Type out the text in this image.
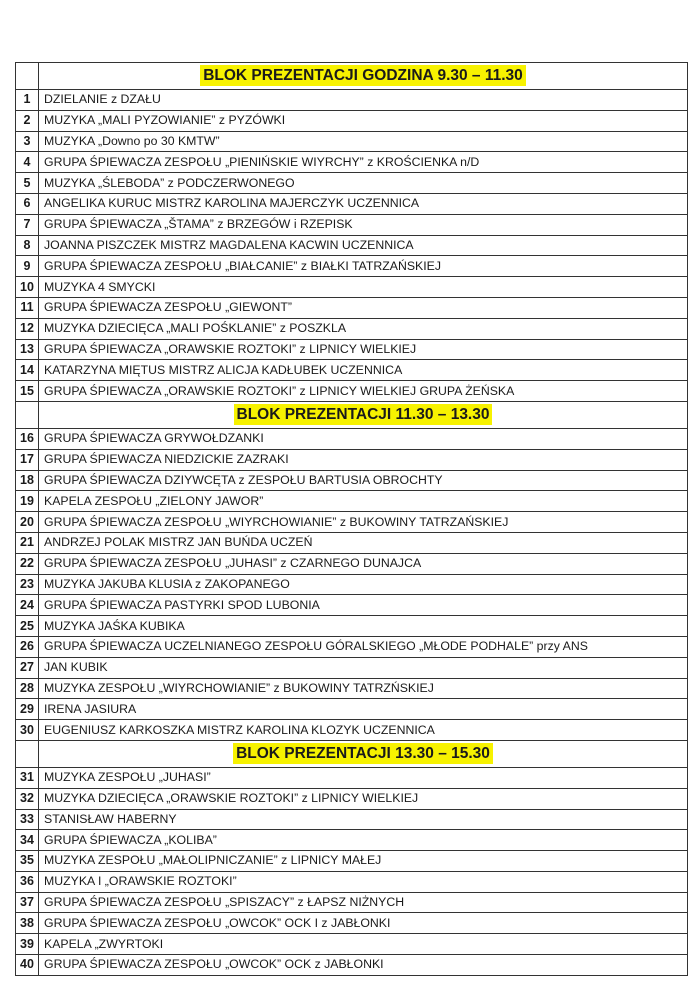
	BLOK PREZENTACJI GODZINA 9.30 – 11.30
1	DZIELANIE z DZAŁU
2	MUZYKA „MALI PYZOWIANIE” z PYZÓWKI
3	MUZYKA „Downo po 30 KMTW”
4	GRUPA ŚPIEWACZA ZESPOŁU „PIENIŃSKIE WIYRCHY” z KROŚCIENKA n/D
5	MUZYKA „ŚLEBODA” z PODCZERWONEGO
6	ANGELIKA KURUC MISTRZ KAROLINA MAJERCZYK UCZENNICA
7	GRUPA ŚPIEWACZA „ŠTAMA” z BRZEGÓW i RZEPISK
8	JOANNA PISZCZEK MISTRZ MAGDALENA KACWIN UCZENNICA
9	GRUPA ŚPIEWACZA ZESPOŁU „BIAŁCANIE” z BIAŁKI TATRZAŃSKIEJ
10	MUZYKA 4 SMYCKI
11	GRUPA ŚPIEWACZA ZESPOŁU „GIEWONT”
12	MUZYKA DZIECIĘCA „MALI POŚKLANIE” z POSZKLA
13	GRUPA ŚPIEWACZA „ORAWSKIE ROZTOKI” z LIPNICY WIELKIEJ
14	KATARZYNA MIĘTUS MISTRZ ALICJA KADŁUBEK UCZENNICA
15	GRUPA ŚPIEWACZA „ORAWSKIE ROZTOKI” z LIPNICY WIELKIEJ GRUPA ŻEŃSKA
	BLOK PREZENTACJI 11.30 – 13.30
16	GRUPA ŚPIEWACZA GRYWOŁDZANKI
17	GRUPA ŚPIEWACZA NIEDZICKIE ZAZRAKI
18	GRUPA ŚPIEWACZA DZIYWCĘTA z ZESPOŁU BARTUSIA OBROCHTY
19	KAPELA ZESPOŁU „ZIELONY JAWOR”
20	GRUPA ŚPIEWACZA ZESPOŁU „WIYRCHOWIANIE” z BUKOWINY TATRZAŃSKIEJ
21	ANDRZEJ POLAK MISTRZ JAN BUŃDA UCZEŃ
22	GRUPA ŚPIEWACZA ZESPOŁU „JUHASI” z CZARNEGO DUNAJCA
23	MUZYKA JAKUBA KLUSIA z ZAKOPANEGO
24	GRUPA ŚPIEWACZA PASTYRKI SPOD LUBONIA
25	MUZYKA JAŚKA KUBIKA
26	GRUPA ŚPIEWACZA UCZELNIANEGO ZESPOŁU GÓRALSKIEGO „MŁODE PODHALE” przy ANS
27	JAN KUBIK
28	MUZYKA ZESPOŁU „WIYRCHOWIANIE” z BUKOWINY TATRZŃSKIEJ
29	IRENA JASIURA
30	EUGENIUSZ KARKOSZKA MISTRZ KAROLINA KLOZYK UCZENNICA
	BLOK PREZENTACJI 13.30 – 15.30
31	MUZYKA ZESPOŁU „JUHASI”
32	MUZYKA DZIECIĘCA „ORAWSKIE ROZTOKI” z LIPNICY WIELKIEJ
33	STANISŁAW HABERNY
34	GRUPA ŚPIEWACZA „KOLIBA”
35	MUZYKA ZESPOŁU „MAŁOLIPNICZANIE” z LIPNICY MAŁEJ
36	MUZYKA I „ORAWSKIE ROZTOKI”
37	GRUPA ŚPIEWACZA ZESPOŁU „SPISZACY” z ŁAPSZ NIŻNYCH
38	GRUPA ŚPIEWACZA ZESPOŁU „OWCOK” OCK I z JABŁONKI
39	KAPELA „ZWYRTOKI
40	GRUPA ŚPIEWACZA ZESPOŁU „OWCOK” OCK z JABŁONKI
